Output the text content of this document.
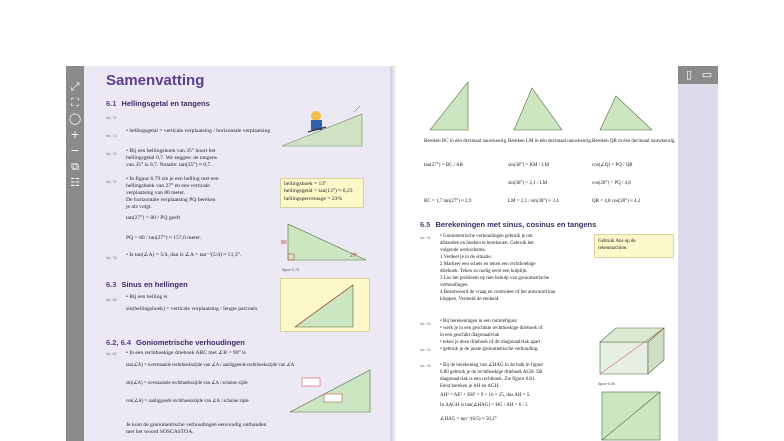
⤢
⛶
◯
+
−
⧉
☷
▯ ▭
Samenvatting
6.1 Hellingsgetal en tangens
blz. 72
blz. 72
blz. 73
blz. 74
blz. 78
blz. 80
blz. 82
• hellingsgetal = verticale verplaatsing / horizontale verplaatsing
• Bij een hellingshoek van 35° hoort het
hellingsgetal 0,7. We zeggen: de tangens
van 35° is 0,7. Notatie: tan(35°) ≈ 0,7.
• In figuur 6.79 zie je een helling met een
hellingshoek van 27° en een verticale
verplaatsing van 80 meter.
De horizontale verplaatsing PQ bereken
je als volgt.
tan(27°) = 80 / PQ geeft
PQ = 80 / tan(27°) ≈ 157,0 meter.
• Is tan(∠A) = 5/4, dan is ∠A = tan⁻¹(5/4) ≈ 51,3°.
hellingshoek = 13°
hellingsgetal = tan(13°) ≈ 0,23
hellingspercentage = 23%
80
27°
figuur 6.79
6.3 Sinus en hellingen
• Bij een helling is
sin(hellingshoek) = verticale verplaatsing / lengte parcours
6.2, 6.4 Goniometrische verhoudingen
• In een rechthoekige driehoek ABC met ∠B = 90° is
tan(∠A) = overstaande rechthoekszijde van ∠A / aanliggende rechthoekszijde van ∠A
sin(∠A) = overstaande rechthoekszijde van ∠A / schuine zijde
cos(∠A) = aanliggende rechthoekszijde van ∠A / schuine zijde
Je kunt de goniometrische verhoudingen eenvoudig onthouden
met het woord SOSCASTOA.
Bereken BC in één decimaal nauwkeurig.
tan(27°) = BC / AB
BC = 1,7 tan(27°) ≈ 2,9
Bereken LM in één decimaal nauwkeurig.
sin(38°) = KM / LM
sin(38°) = 2,1 / LM
LM = 2,1 / sin(38°) ≈ 3,4
Bereken QR in één decimaal nauwkeurig.
cos(∠Q) = PQ / QR
cos(28°) = PQ / 4,8
QR = 4,8 cos(28°) ≈ 4,2
6.5 Berekeningen met sinus, cosinus en tangens
blz. 90
blz. 93
blz. 94
blz. 96
• Goniometrische verhoudingen gebruik je om
afstanden en hoeken te berekenen. Gebruik het
volgende werkschema.
1 Verdeel je in de situatie.
2 Markeer een schets en teken een rechthoekige
driehoek. Teken zo nodig eerst een hulplijn.
3 Los het probleem op met behulp van goniometrische
verhoudingen.
4 Beantwoord de vraag en controleer of het antwoord kan
kloppen. Vermeld de eenheid.
Gebruik Ans op de
rekenmachine.
• Bij berekeningen in een ruimtefiguur
• werk je in een geschikte rechthoekige driehoek of
in een geschikt diagonaalvlak
• teken je deze driehoek of dit diagonaalvlak apart
• gebruik je de juiste goniometrische verhouding.
• Bij de berekening van ∠HAG in de balk in figuur
6.80 gebruik je de rechthoekige driehoek AGH. Dit
diagonaalvlak is een rechthoek. Zie figuur 6.81.
Eerst bereken je AH en AGH.
AH² = AE² + EH² = 9 + 16 = 25, dus AH = 5.
In ΔAGH is tan(∠HAG) = HG / AH = 6 / 5
∠HAG = tan⁻¹(6/5) ≈ 50,2°
figuur 6.80
